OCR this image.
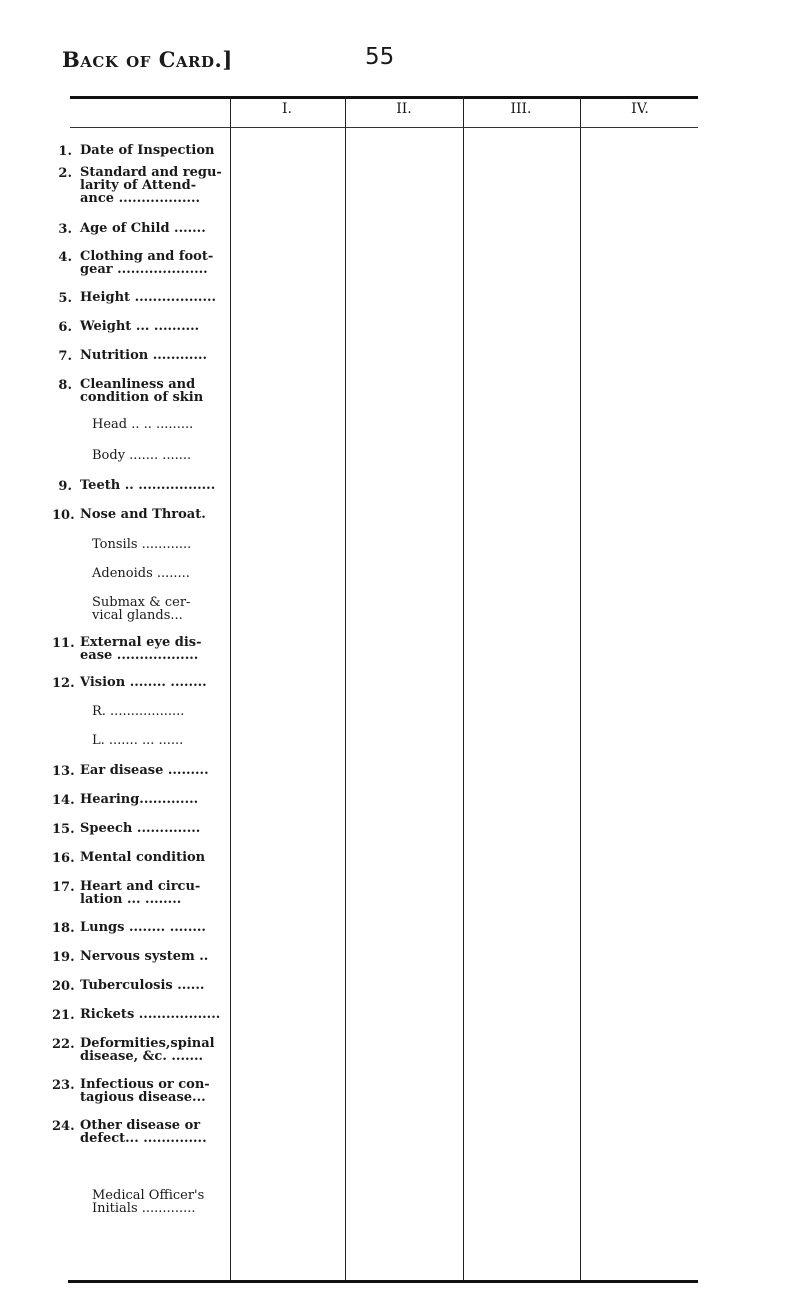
Back of Card.]	55
I.	II.	III.	IV.
1. Date of Inspection
2. Standard and regu-
larity of Attend-
ance ..................
3. Age of Child .......
4. Clothing and foot-
gear ....................
5. Height ..................
6. Weight ... ..........
7. Nutrition ............
8. Cleanliness and
condition of skin
Head .. .. .........
Body ....... .......
9. Teeth .. .................
10. Nose and Throat.
Tonsils ............
Adenoids ........
Submax & cer-
vical glands...
11. External eye dis-
ease ..................
12. Vision ........ ........
R. ..................
L. ....... ... ......
13. Ear disease .........
14. Hearing.............
15. Speech ..............
16. Mental condition
17. Heart and circu-
lation ... ........
18. Lungs ........ ........
19. Nervous system ..
20. Tuberculosis ......
21. Rickets ..................
22. Deformities,spinal
disease, &c. .......
23. Infectious or con-
tagious disease...
24. Other disease or
defect... ..............
Medical Officer's
Initials .............
